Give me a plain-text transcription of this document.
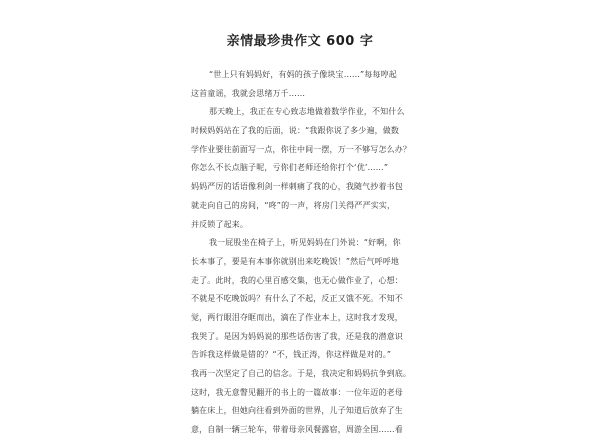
亲情最珍贵作文 600 字
“世上只有妈妈好，有妈的孩子像块宝……”每每哼起
这首童谣，我就会思绪万千……
那天晚上，我正在专心致志地做着数学作业，不知什么
时候妈妈站在了我的后面，说：“我跟你说了多少遍，做数
学作业要往前面写一点，你往中间一摆，万一不够写怎么办？
你怎么不长点脑子呢，亏你们老师还给你打个‘优’……”
妈妈严厉的话语像利剑一样刺痛了我的心，我随气抄着书包
就走向自己的房间，“咚”的一声，将房门关得严严实实，
并反锁了起来。
我一屁股坐在椅子上，听见妈妈在门外说：“好啊，你
长本事了，要是有本事你就别出来吃晚饭！”然后气呼呼地
走了。此时，我的心里百感交集，也无心做作业了，心想：
不就是不吃晚饭吗？有什么了不起，反正又饿不死。不知不
觉，两行眼泪夺眶而出，滴在了作业本上，这时我才发现，
我哭了。是因为妈妈说的那些话伤害了我，还是我的潜意识
告诉我这样做是错的？“不，钱正涛，你这样做是对的。”
我再一次坚定了自己的信念。于是，我决定和妈妈抗争到底。
这时，我无意瞥见翻开的书上的一篇故事：一位年迈的老母
躺在床上，但她向往看到外面的世界，儿子知道后放弃了生
意，自制一辆三轮车，带着母亲风餐露宿，周游全国……看
